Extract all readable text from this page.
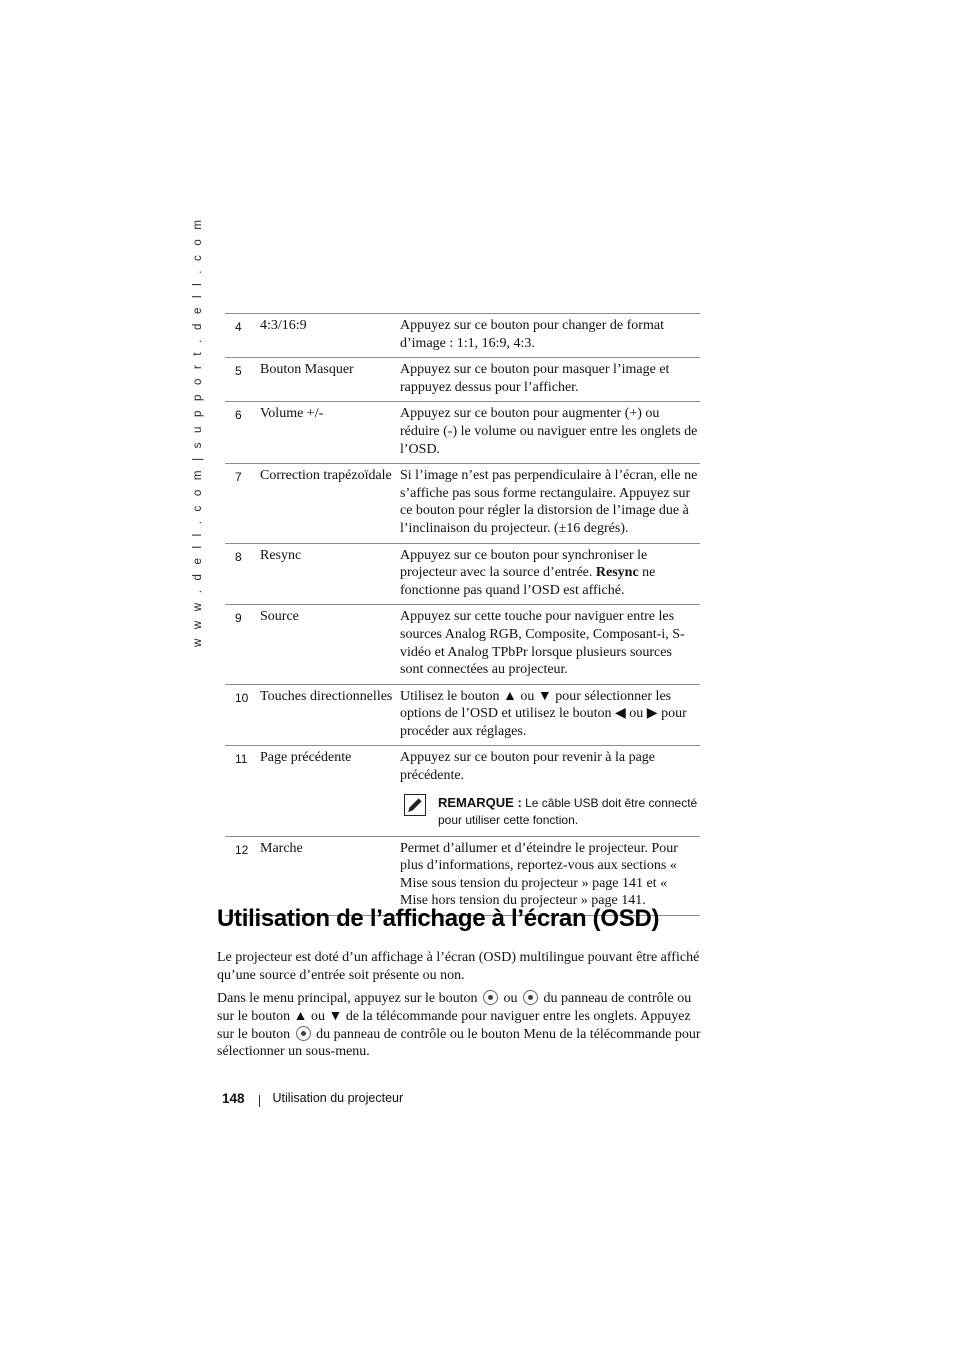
w w w . d e l l . c o m | s u p p o r t . d e l l . c o m	4	4:3/16:9	Appuyez sur ce bouton pour changer de format d’image : 1:1, 16:9, 4:3.
5	Bouton Masquer	Appuyez sur ce bouton pour masquer l’image et rappuyez dessus pour l’afficher.
6	Volume +/-	Appuyez sur ce bouton pour augmenter (+) ou réduire (-) le volume ou naviguer entre les onglets de l’OSD.
7	Correction trapézoïdale	Si l’image n’est pas perpendiculaire à l’écran, elle ne s’affiche pas sous forme rectangulaire. Appuyez sur ce bouton pour régler la distorsion de l’image due à l’inclinaison du projecteur. (±16 degrés).
8	Resync	Appuyez sur ce bouton pour synchroniser le projecteur avec la source d’entrée. Resync ne fonctionne pas quand l’OSD est affiché.
9	Source	Appuyez sur cette touche pour naviguer entre les sources Analog RGB, Composite, Composant-i, S-vidéo et Analog TPbPr lorsque plusieurs sources sont connectées au projecteur.
10	Touches directionnelles	Utilisez le bouton ▲ ou ▼ pour sélectionner les options de l’OSD et utilisez le bouton ◀ ou ▶ pour procéder aux réglages.
11	Page précédente	Appuyez sur ce bouton pour revenir à la page précédente.
REMARQUE : Le câble USB doit être connecté pour utiliser cette fonction.

12	Marche	Permet d’allumer et d’éteindre le projecteur. Pour plus d’informations, reportez-vous aux sections « Mise sous tension du projecteur » page 141 et « Mise hors tension du projecteur » page 141.
Utilisation de l’affichage à l’écran (OSD)

Le projecteur est doté d’un affichage à l’écran (OSD) multilingue pouvant être affiché qu’une source d’entrée soit présente ou non.

Dans le menu principal, appuyez sur le bouton  ou  du panneau de contrôle ou sur le bouton ▲ ou ▼ de la télécommande pour naviguer entre les onglets. Appuyez sur le bouton  du panneau de contrôle ou le bouton Menu de la télécommande pour sélectionner un sous-menu.

148 Utilisation du projecteur
